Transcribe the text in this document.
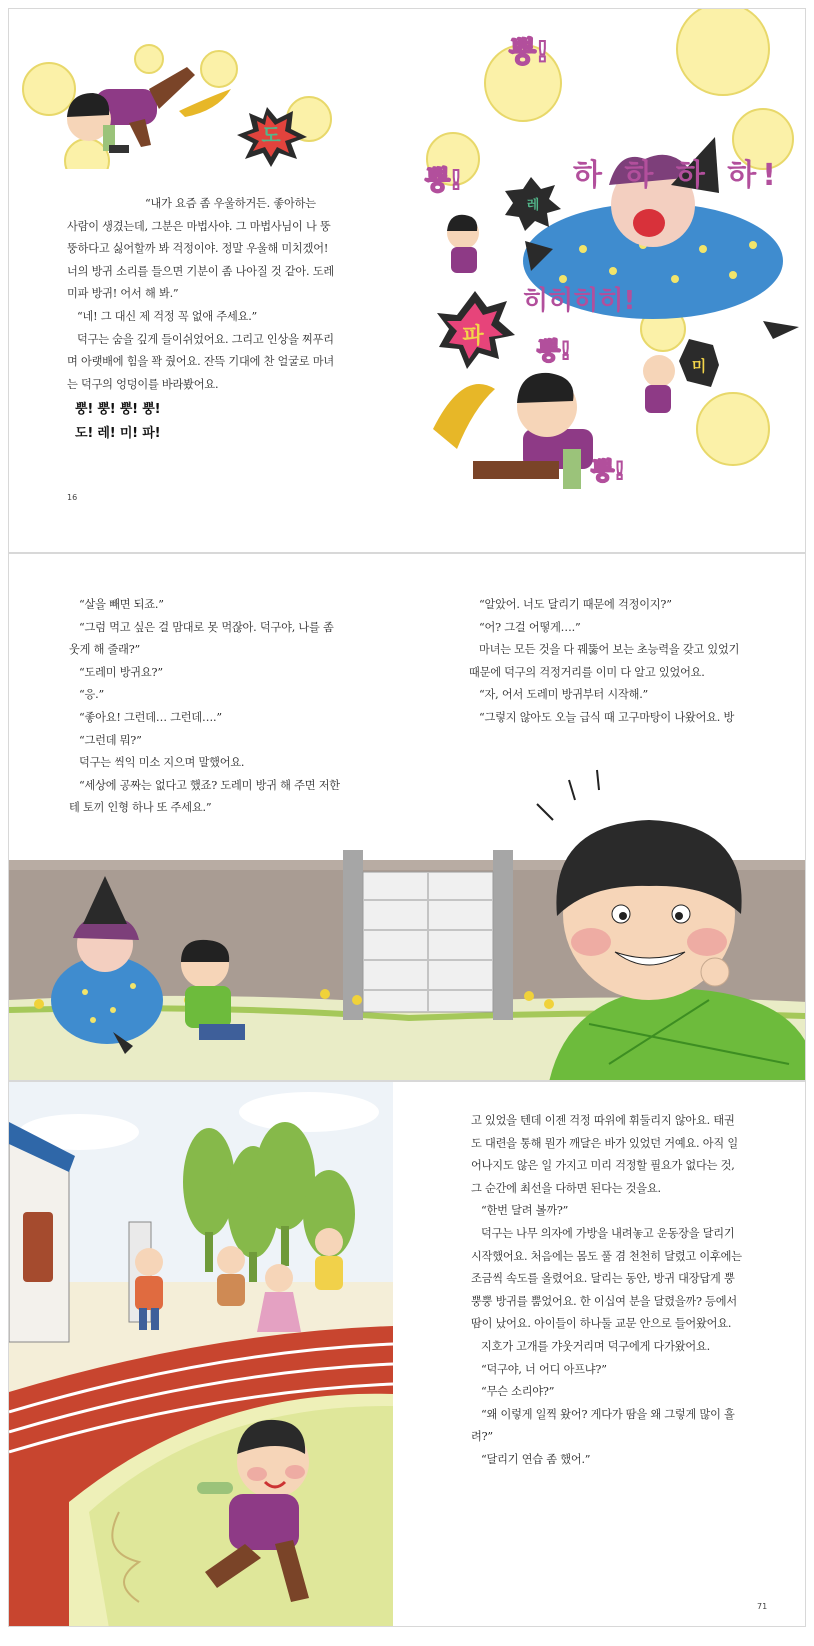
도

“내가 요즘 좀 우울하거든. 좋아하는

사람이 생겼는데, 그분은 마법사야. 그 마법사님이 나 뚱

뚱하다고 싫어할까 봐 걱정이야. 정말 우울해 미치겠어!

너의 방귀 소리를 들으면 기분이 좀 나아질 것 같아. 도레

미파 방귀! 어서 해 봐.”

“네! 그 대신 제 걱정 꼭 없애 주세요.”

덕구는 숨을 깊게 들이쉬었어요. 그리고 인상을 찌푸리

며 아랫배에 힘을 꽉 줬어요. 잔뜩 기대에 찬 얼굴로 마녀

는 덕구의 엉덩이를 바라봤어요.

뿡! 뿡! 뿡! 뿡!

도! 레! 미! 파!

16
레
파
미
하 하 하 하!
히히히히!
뿡!
뿡!
뿡!
뿡!

“살을 빼면 되죠.”

“그럼 먹고 싶은 걸 맘대로 못 먹잖아. 덕구야, 나를 좀

웃게 해 줄래?”

“도레미 방귀요?”

“응.”

“좋아요! 그런데… 그런데….”

“그런데 뭐?”

덕구는 씩익 미소 지으며 말했어요.

“세상에 공짜는 없다고 했죠? 도레미 방귀 해 주면 저한

테 토끼 인형 하나 또 주세요.”

“알았어. 너도 달리기 때문에 걱정이지?”

“어? 그걸 어떻게….”

마녀는 모든 것을 다 꿰뚫어 보는 초능력을 갖고 있었기

때문에 덕구의 걱정거리를 이미 다 알고 있었어요.

“자, 어서 도레미 방귀부터 시작해.”

“그렇지 않아도 오늘 급식 때 고구마탕이 나왔어요. 방

고 있었을 텐데 이젠 걱정 따위에 휘둘리지 않아요. 태권

도 대련을 통해 뭔가 깨달은 바가 있었던 거예요. 아직 일

어나지도 않은 일 가지고 미리 걱정할 필요가 없다는 것,

그 순간에 최선을 다하면 된다는 것을요.

“한번 달려 볼까?”

덕구는 나무 의자에 가방을 내려놓고 운동장을 달리기

시작했어요. 처음에는 몸도 풀 겸 천천히 달렸고 이후에는

조금씩 속도를 올렸어요. 달리는 동안, 방귀 대장답게 뿡

뿡뿡 방귀를 뿜었어요. 한 이십여 분을 달렸을까? 등에서

땀이 났어요. 아이들이 하나둘 교문 안으로 들어왔어요.

지호가 고개를 갸웃거리며 덕구에게 다가왔어요.

“덕구야, 너 어디 아프냐?”

“무슨 소리야?”

“왜 이렇게 일찍 왔어? 게다가 땀을 왜 그렇게 많이 흘

려?”

“달리기 연습 좀 했어.”

71
